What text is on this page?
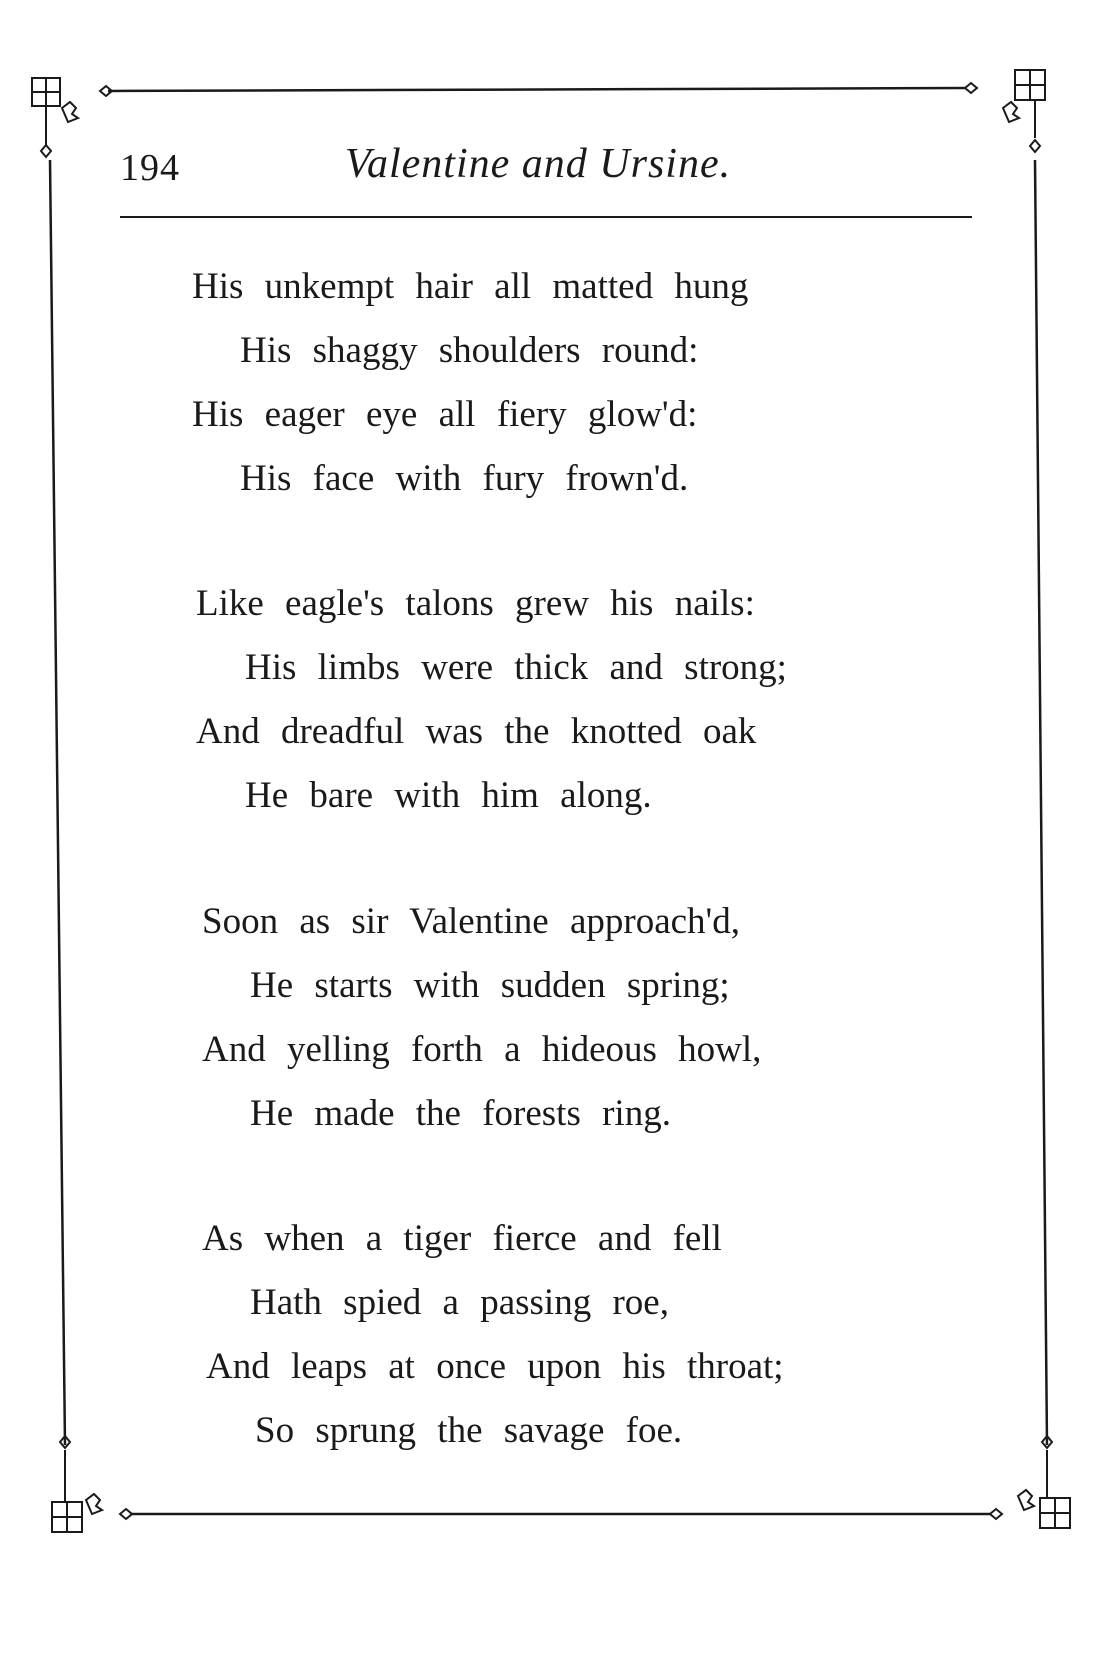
194	Valentine and Ursine.
His unkempt hair all matted hung
His shaggy shoulders round:
His eager eye all fiery glow'd:
His face with fury frown'd.
Like eagle's talons grew his nails:
His limbs were thick and strong;
And dreadful was the knotted oak
He bare with him along.
Soon as sir Valentine approach'd,
He starts with sudden spring;
And yelling forth a hideous howl,
He made the forests ring.
As when a tiger fierce and fell
Hath spied a passing roe,
And leaps at once upon his throat;
So sprung the savage foe.
